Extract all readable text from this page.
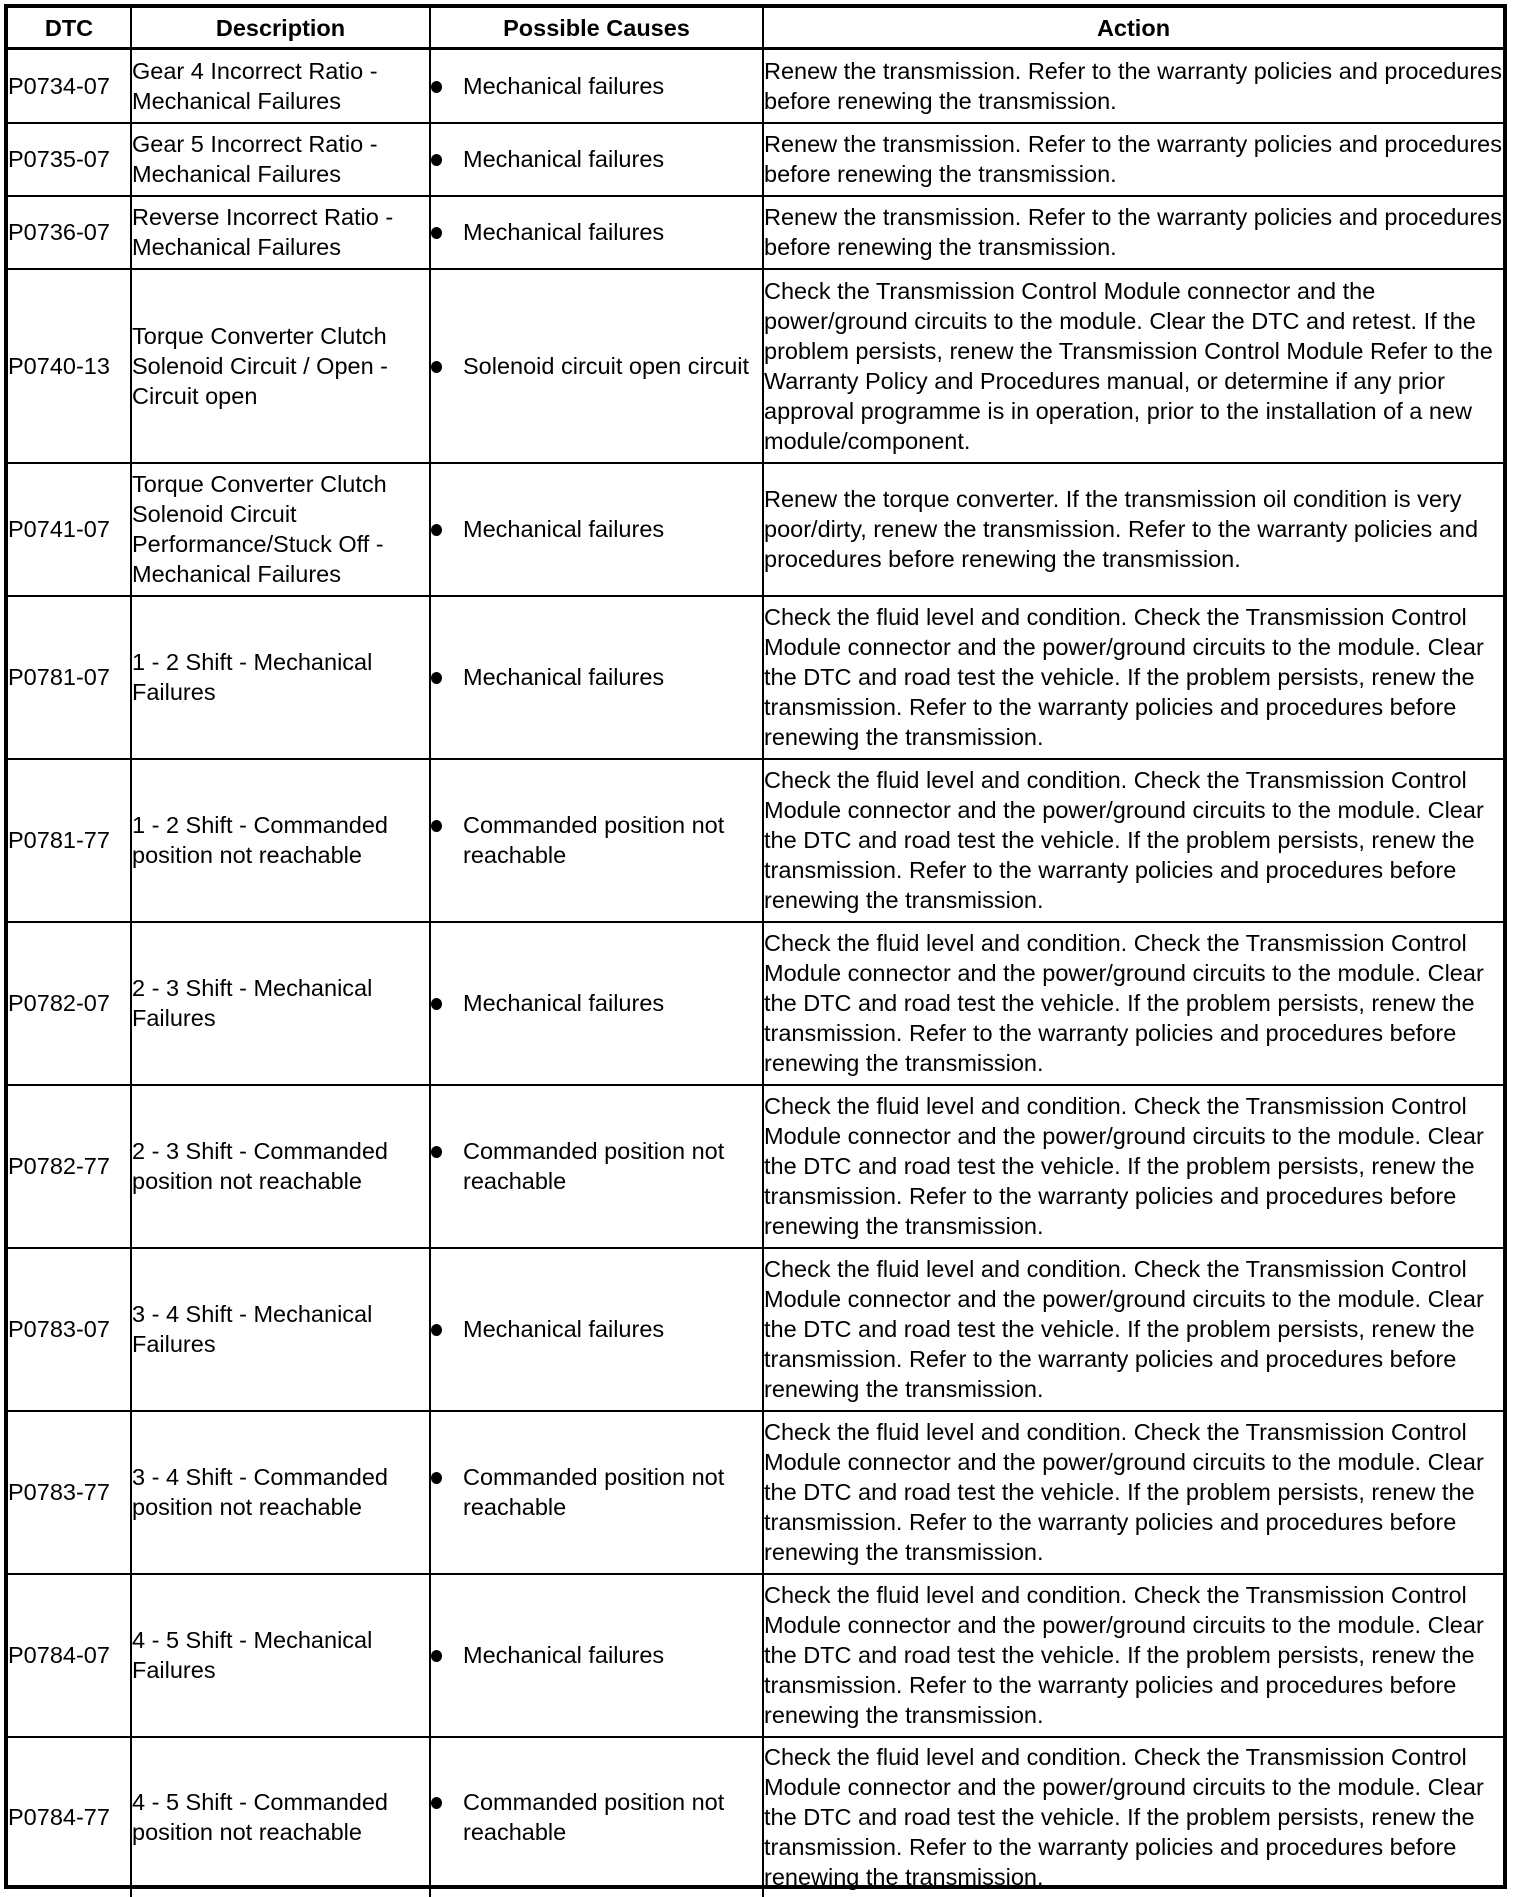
DTC	Description	Possible Causes	Action
P0734-07	Gear 4 Incorrect Ratio - Mechanical Failures	Mechanical failures	Renew the transmission. Refer to the warranty policies and procedures before renewing the transmission.
P0735-07	Gear 5 Incorrect Ratio - Mechanical Failures	Mechanical failures	Renew the transmission. Refer to the warranty policies and procedures before renewing the transmission.
P0736-07	Reverse Incorrect Ratio - Mechanical Failures	Mechanical failures	Renew the transmission. Refer to the warranty policies and procedures before renewing the transmission.
P0740-13	Torque Converter Clutch Solenoid Circuit / Open - Circuit open	Solenoid circuit open circuit	Check the Transmission Control Module connector and the power/ground circuits to the module. Clear the DTC and retest. If the problem persists, renew the Transmission Control Module Refer to the Warranty Policy and Procedures manual, or determine if any prior approval programme is in operation, prior to the installation of a new module/component.
P0741-07	Torque Converter Clutch Solenoid Circuit Performance/Stuck Off - Mechanical Failures	Mechanical failures	Renew the torque converter. If the transmission oil condition is very poor/dirty, renew the transmission. Refer to the warranty policies and procedures before renewing the transmission.
P0781-07	1 - 2 Shift - Mechanical Failures	Mechanical failures	Check the fluid level and condition. Check the Transmission Control Module connector and the power/ground circuits to the module. Clear the DTC and road test the vehicle. If the problem persists, renew the transmission. Refer to the warranty policies and procedures before renewing the transmission.
P0781-77	1 - 2 Shift - Commanded position not reachable	Commanded position not reachable	Check the fluid level and condition. Check the Transmission Control Module connector and the power/ground circuits to the module. Clear the DTC and road test the vehicle. If the problem persists, renew the transmission. Refer to the warranty policies and procedures before renewing the transmission.
P0782-07	2 - 3 Shift - Mechanical Failures	Mechanical failures	Check the fluid level and condition. Check the Transmission Control Module connector and the power/ground circuits to the module. Clear the DTC and road test the vehicle. If the problem persists, renew the transmission. Refer to the warranty policies and procedures before renewing the transmission.
P0782-77	2 - 3 Shift - Commanded position not reachable	Commanded position not reachable	Check the fluid level and condition. Check the Transmission Control Module connector and the power/ground circuits to the module. Clear the DTC and road test the vehicle. If the problem persists, renew the transmission. Refer to the warranty policies and procedures before renewing the transmission.
P0783-07	3 - 4 Shift - Mechanical Failures	Mechanical failures	Check the fluid level and condition. Check the Transmission Control Module connector and the power/ground circuits to the module. Clear the DTC and road test the vehicle. If the problem persists, renew the transmission. Refer to the warranty policies and procedures before renewing the transmission.
P0783-77	3 - 4 Shift - Commanded position not reachable	Commanded position not reachable	Check the fluid level and condition. Check the Transmission Control Module connector and the power/ground circuits to the module. Clear the DTC and road test the vehicle. If the problem persists, renew the transmission. Refer to the warranty policies and procedures before renewing the transmission.
P0784-07	4 - 5 Shift - Mechanical Failures	Mechanical failures	Check the fluid level and condition. Check the Transmission Control Module connector and the power/ground circuits to the module. Clear the DTC and road test the vehicle. If the problem persists, renew the transmission. Refer to the warranty policies and procedures before renewing the transmission.
P0784-77	4 - 5 Shift - Commanded position not reachable	Commanded position not reachable	Check the fluid level and condition. Check the Transmission Control Module connector and the power/ground circuits to the module. Clear the DTC and road test the vehicle. If the problem persists, renew the transmission. Refer to the warranty policies and procedures before renewing the transmission.
